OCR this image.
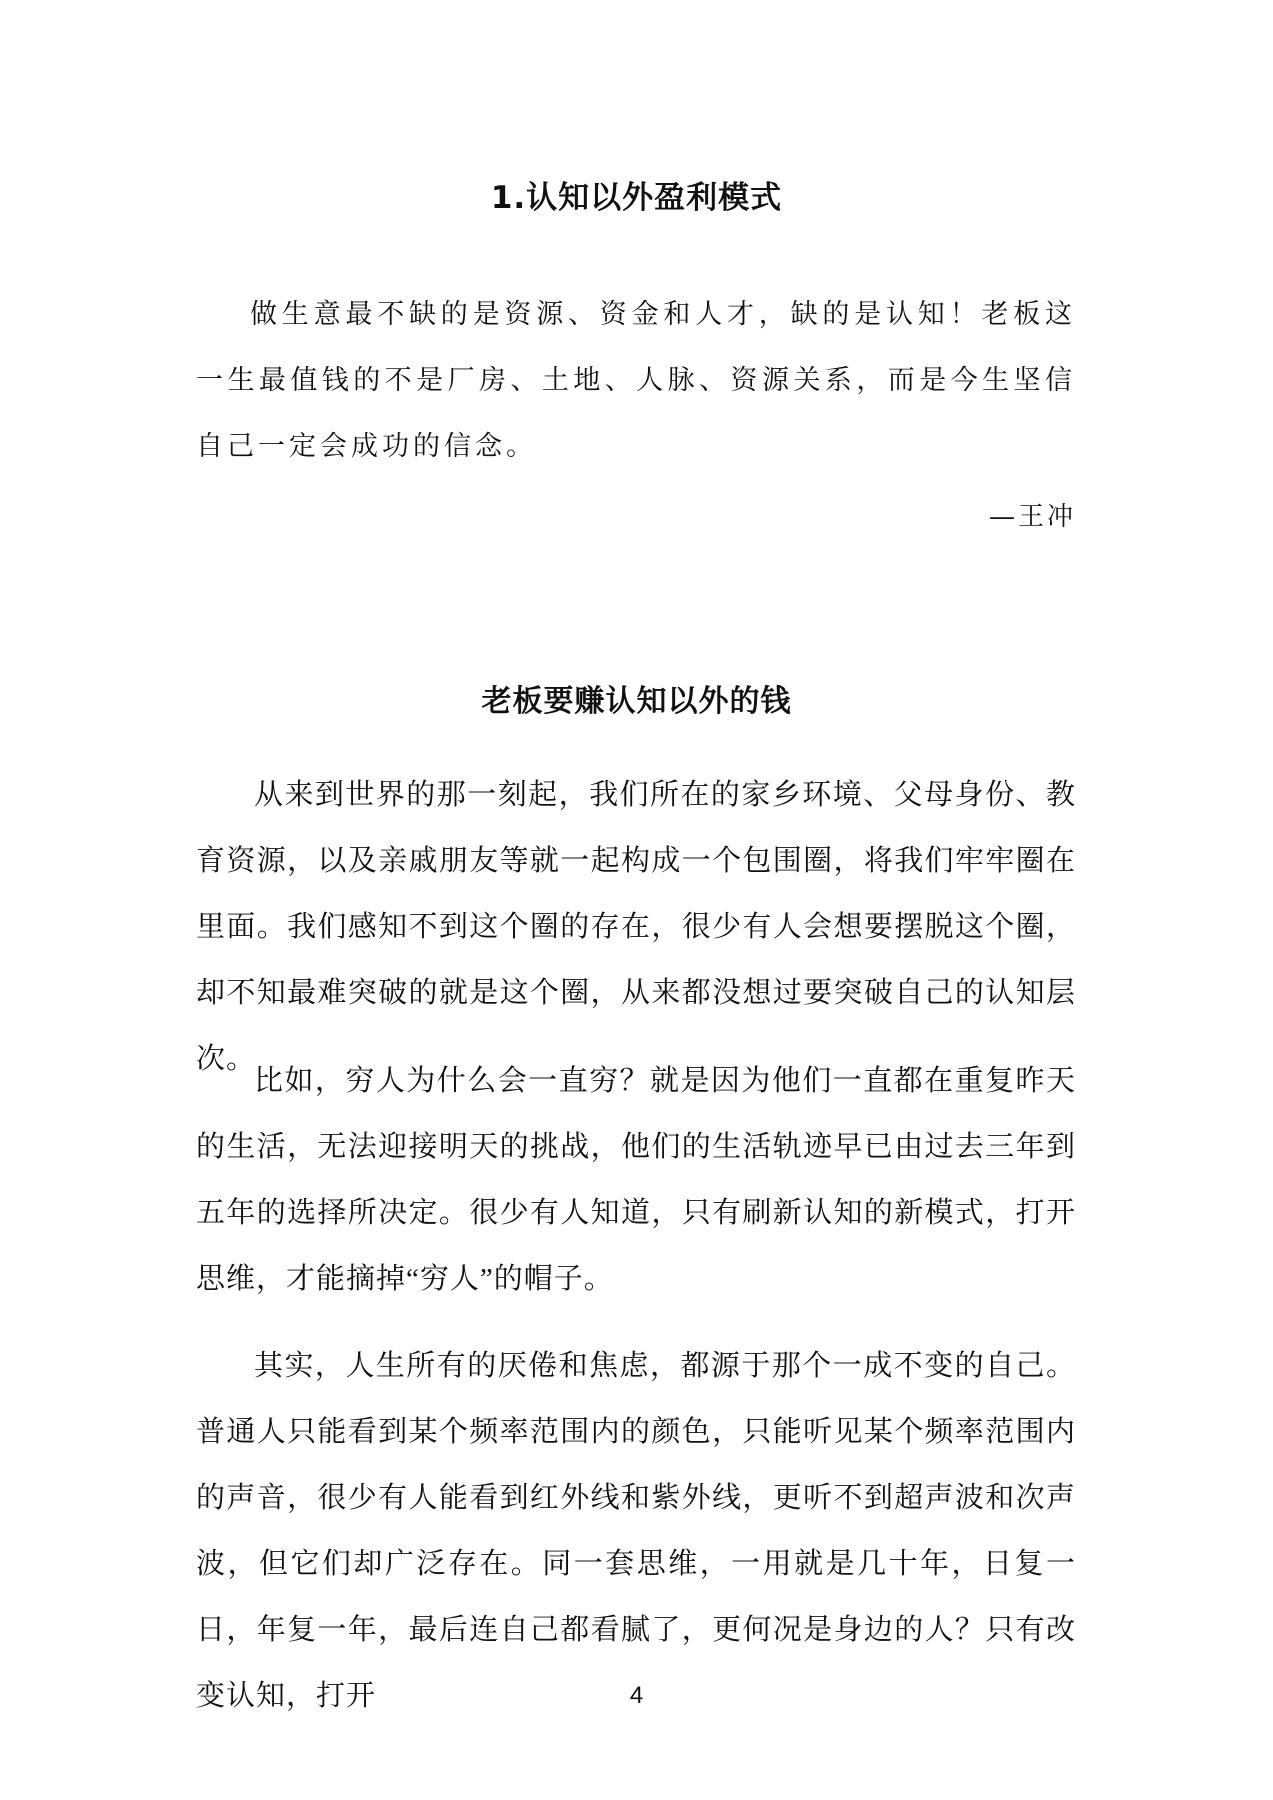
1.认知以外盈利模式

做生意最不缺的是资源、资金和人才，缺的是认知！老板这一生最值钱的不是厂房、土地、人脉、资源关系，而是今生坚信自己一定会成功的信念。

—王冲
老板要赚认知以外的钱

从来到世界的那一刻起，我们所在的家乡环境、父母身份、教育资源，以及亲戚朋友等就一起构成一个包围圈，将我们牢牢圈在里面。我们感知不到这个圈的存在，很少有人会想要摆脱这个圈，却不知最难突破的就是这个圈，从来都没想过要突破自己的认知层次。

比如，穷人为什么会一直穷？就是因为他们一直都在重复昨天的生活，无法迎接明天的挑战，他们的生活轨迹早已由过去三年到五年的选择所决定。很少有人知道，只有刷新认知的新模式，打开思维，才能摘掉“穷人”的帽子。

其实，人生所有的厌倦和焦虑，都源于那个一成不变的自己。普通人只能看到某个频率范围内的颜色，只能听见某个频率范围内的声音，很少有人能看到红外线和紫外线，更听不到超声波和次声波，但它们却广泛存在。同一套思维，一用就是几十年，日复一日，年复一年，最后连自己都看腻了，更何况是身边的人？只有改变认知，打开	4
